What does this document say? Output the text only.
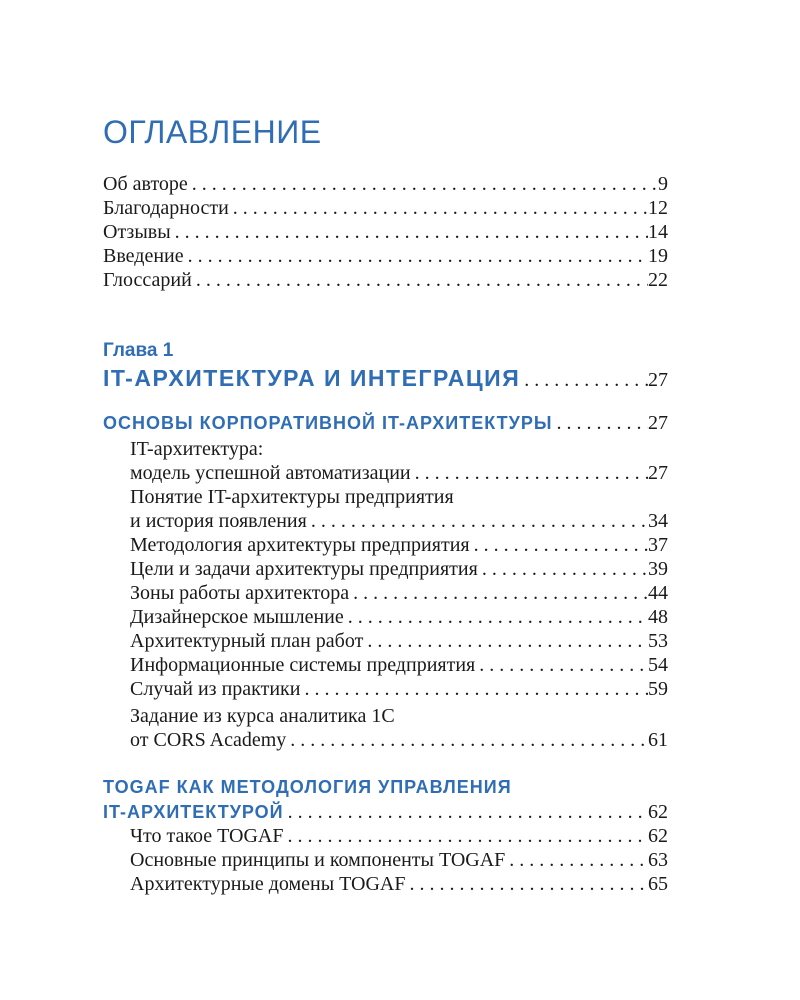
ОГЛАВЛЕНИЕ
Об авторе . . .	9
Благодарности . . .	12
Отзывы . . .	14
Введение . . .	19
Глоссарий . . .	22
Глава 1
IT-АРХИТЕКТУРА И ИНТЕГРАЦИЯ . . .	27
ОСНОВЫ КОРПОРАТИВНОЙ IT-АРХИТЕКТУРЫ . . .	27
IT-архитектура:
модель успешной автоматизации . . .	27
Понятие IT-архитектуры предприятия
и история появления . . .	34
Методология архитектуры предприятия . . .	37
Цели и задачи архитектуры предприятия . . .	39
Зоны работы архитектора . . .	44
Дизайнерское мышление . . .	48
Архитектурный план работ . . .	53
Информационные системы предприятия . . .	54
Случай из практики . . .	59
Задание из курса аналитика 1С
от CORS Academy . . .	61
TOGAF КАК МЕТОДОЛОГИЯ УПРАВЛЕНИЯ
IT-АРХИТЕКТУРОЙ . . .	62
Что такое TOGAF . . .	62
Основные принципы и компоненты TOGAF . . .	63
Архитектурные домены TOGAF . . .	65
